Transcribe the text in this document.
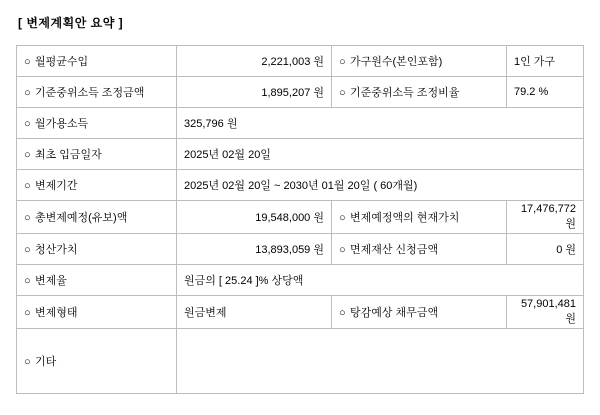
[ 변제계획안 요약 ]
○ 월평균수입	2,221,003 원	○ 가구원수(본인포함)	1인 가구
○ 기준중위소득 조정금액	1,895,207 원	○ 기준중위소득 조정비율	79.2 %
○ 월가용소득	325,796 원		
○ 최초 입금일자	2025년 02월 20일		
○ 변제기간	2025년 02월 20일 ~ 2030년 01월 20일 ( 60개월)		
○ 총변제예정(유보)액	19,548,000 원	○ 변제예정액의 현재가치	17,476,772 원
○ 청산가치	13,893,059 원	○ 면제재산 신청금액	0 원
○ 변제율	원금의 [ 25.24 ]% 상당액		
○ 변제형태	원금변제	○ 탕감예상 채무금액	57,901,481 원
○ 기타			
